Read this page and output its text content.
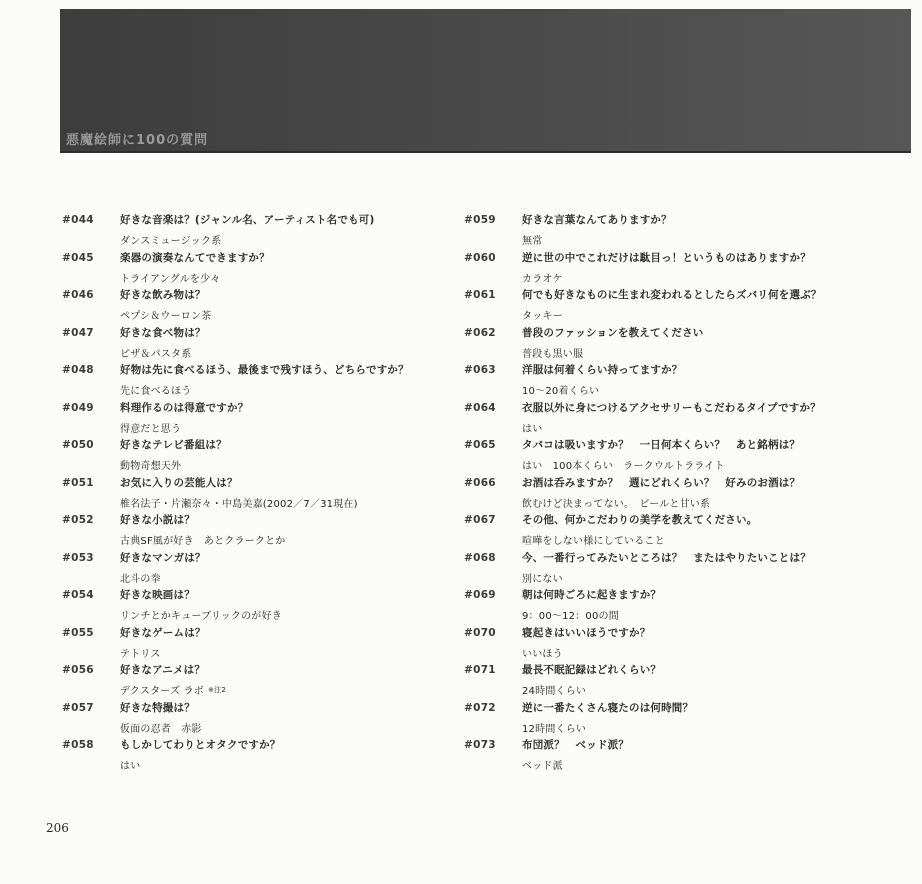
悪魔絵師に100の質問
#044 好きな音楽は？(ジャンル名、アーティスト名でも可)
ダンスミュージック系
#045 楽器の演奏なんてできますか？
トライアングルを少々
#046 好きな飲み物は？
ペプシ＆ウーロン茶
#047 好きな食べ物は？
ピザ＆パスタ系
#048 好物は先に食べるほう、最後まで残すほう、どちらですか？
先に食べるほう
#049 料理作るのは得意ですか？
得意だと思う
#050 好きなテレビ番組は？
動物奇想天外
#051 お気に入りの芸能人は？
椎名法子・片瀬奈々・中島美嘉(2002／7／31現在)
#052 好きな小説は？
古典SF風が好き　あとクラークとか
#053 好きなマンガは？
北斗の拳
#054 好きな映画は？
リンチとかキューブリックのが好き
#055 好きなゲームは？
テトリス
#056 好きなアニメは？
デクスターズ ラボ $^{※注2}$
#057 好きな特撮は？
仮面の忍者　赤影
#058 もしかしてわりとオタクですか？
はい
#059 好きな言葉なんてありますか？
無常
#060 逆に世の中でこれだけは駄目っ！というものはありますか？
カラオケ
#061 何でも好きなものに生まれ変われるとしたらズバリ何を選ぶ？
タッキー
#062 普段のファッションを教えてください
普段も黒い服
#063 洋服は何着くらい持ってますか？
10〜20着くらい
#064 衣服以外に身につけるアクセサリーもこだわるタイプですか？
はい
#065 タバコは吸いますか？　一日何本くらい？　あと銘柄は？
はい　100本くらい　ラークウルトラライト
#066 お酒は呑みますか？　週にどれくらい？　好みのお酒は？
飲むけど決まってない。　ビールと甘い系
#067 その他、何かこだわりの美学を教えてください。
喧嘩をしない様にしていること
#068 今、一番行ってみたいところは？　またはやりたいことは？
別にない
#069 朝は何時ごろに起きますか？
9：00〜12：00の間
#070 寝起きはいいほうですか？
いいほう
#071 最長不眠記録はどれくらい？
24時間くらい
#072 逆に一番たくさん寝たのは何時間？
12時間くらい
#073 布団派？　ベッド派？
ベッド派
206
